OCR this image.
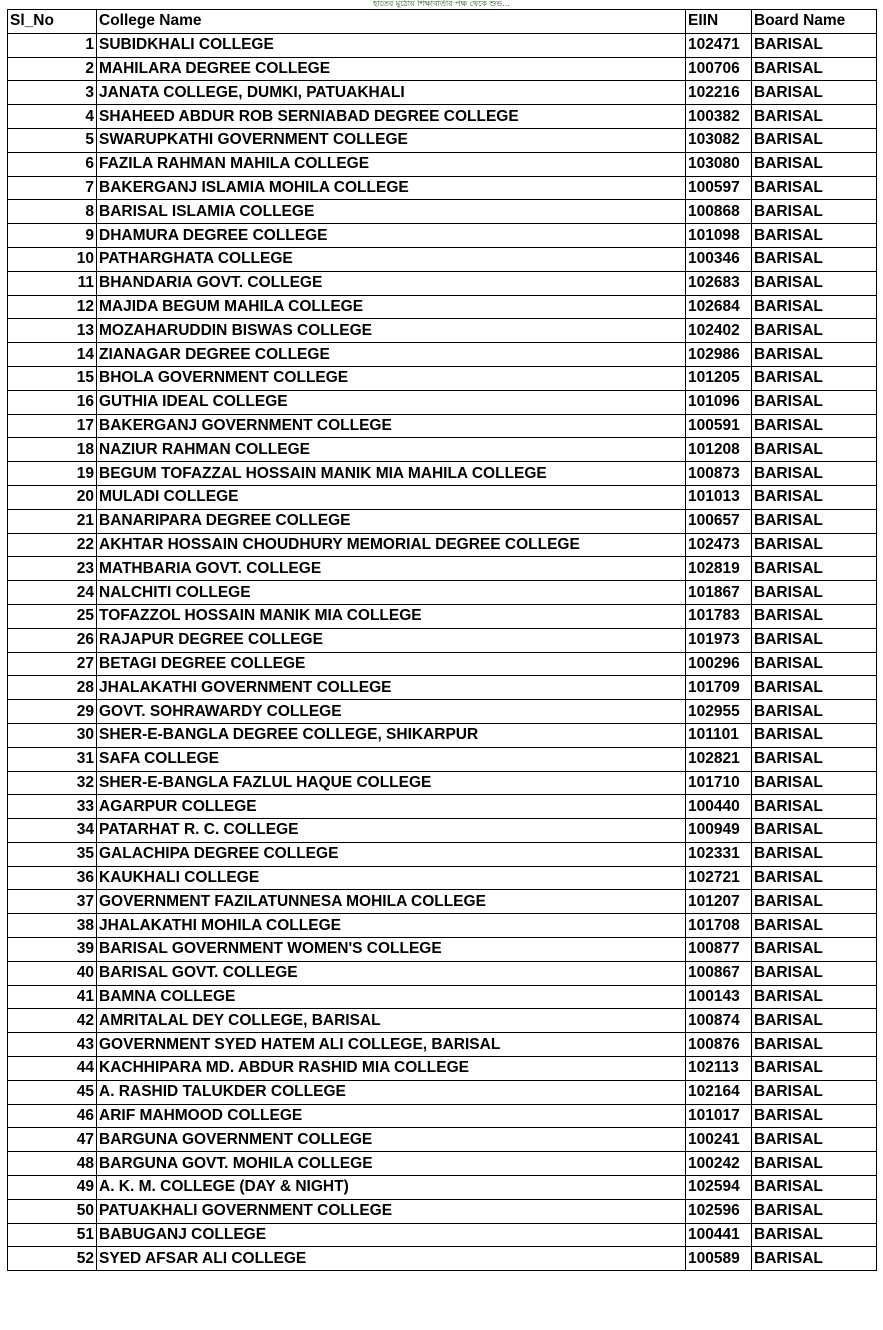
হাতের মুঠোয় শিক্ষাবার্তার পক্ষ থেকে শুভ...
Sl_No	College Name	EIIN	Board Name
1	SUBIDKHALI COLLEGE	102471	BARISAL
2	MAHILARA DEGREE COLLEGE	100706	BARISAL
3	JANATA COLLEGE, DUMKI, PATUAKHALI	102216	BARISAL
4	SHAHEED ABDUR ROB SERNIABAD DEGREE COLLEGE	100382	BARISAL
5	SWARUPKATHI GOVERNMENT COLLEGE	103082	BARISAL
6	FAZILA RAHMAN MAHILA COLLEGE	103080	BARISAL
7	BAKERGANJ ISLAMIA MOHILA COLLEGE	100597	BARISAL
8	BARISAL ISLAMIA COLLEGE	100868	BARISAL
9	DHAMURA DEGREE COLLEGE	101098	BARISAL
10	PATHARGHATA COLLEGE	100346	BARISAL
11	BHANDARIA GOVT. COLLEGE	102683	BARISAL
12	MAJIDA BEGUM MAHILA COLLEGE	102684	BARISAL
13	MOZAHARUDDIN BISWAS COLLEGE	102402	BARISAL
14	ZIANAGAR DEGREE COLLEGE	102986	BARISAL
15	BHOLA GOVERNMENT COLLEGE	101205	BARISAL
16	GUTHIA IDEAL COLLEGE	101096	BARISAL
17	BAKERGANJ GOVERNMENT COLLEGE	100591	BARISAL
18	NAZIUR RAHMAN COLLEGE	101208	BARISAL
19	BEGUM TOFAZZAL HOSSAIN MANIK MIA MAHILA COLLEGE	100873	BARISAL
20	MULADI COLLEGE	101013	BARISAL
21	BANARIPARA DEGREE COLLEGE	100657	BARISAL
22	AKHTAR HOSSAIN CHOUDHURY MEMORIAL DEGREE COLLEGE	102473	BARISAL
23	MATHBARIA GOVT. COLLEGE	102819	BARISAL
24	NALCHITI COLLEGE	101867	BARISAL
25	TOFAZZOL HOSSAIN MANIK MIA COLLEGE	101783	BARISAL
26	RAJAPUR DEGREE COLLEGE	101973	BARISAL
27	BETAGI DEGREE COLLEGE	100296	BARISAL
28	JHALAKATHI GOVERNMENT COLLEGE	101709	BARISAL
29	GOVT. SOHRAWARDY COLLEGE	102955	BARISAL
30	SHER-E-BANGLA DEGREE COLLEGE, SHIKARPUR	101101	BARISAL
31	SAFA COLLEGE	102821	BARISAL
32	SHER-E-BANGLA FAZLUL HAQUE COLLEGE	101710	BARISAL
33	AGARPUR COLLEGE	100440	BARISAL
34	PATARHAT R. C. COLLEGE	100949	BARISAL
35	GALACHIPA DEGREE COLLEGE	102331	BARISAL
36	KAUKHALI COLLEGE	102721	BARISAL
37	GOVERNMENT FAZILATUNNESA MOHILA COLLEGE	101207	BARISAL
38	JHALAKATHI MOHILA COLLEGE	101708	BARISAL
39	BARISAL GOVERNMENT WOMEN'S COLLEGE	100877	BARISAL
40	BARISAL GOVT. COLLEGE	100867	BARISAL
41	BAMNA COLLEGE	100143	BARISAL
42	AMRITALAL DEY COLLEGE, BARISAL	100874	BARISAL
43	GOVERNMENT SYED HATEM ALI COLLEGE, BARISAL	100876	BARISAL
44	KACHHIPARA MD. ABDUR RASHID MIA COLLEGE	102113	BARISAL
45	A. RASHID TALUKDER COLLEGE	102164	BARISAL
46	ARIF MAHMOOD COLLEGE	101017	BARISAL
47	BARGUNA GOVERNMENT COLLEGE	100241	BARISAL
48	BARGUNA GOVT. MOHILA COLLEGE	100242	BARISAL
49	A. K. M. COLLEGE (DAY & NIGHT)	102594	BARISAL
50	PATUAKHALI GOVERNMENT COLLEGE	102596	BARISAL
51	BABUGANJ COLLEGE	100441	BARISAL
52	SYED AFSAR ALI COLLEGE	100589	BARISAL
